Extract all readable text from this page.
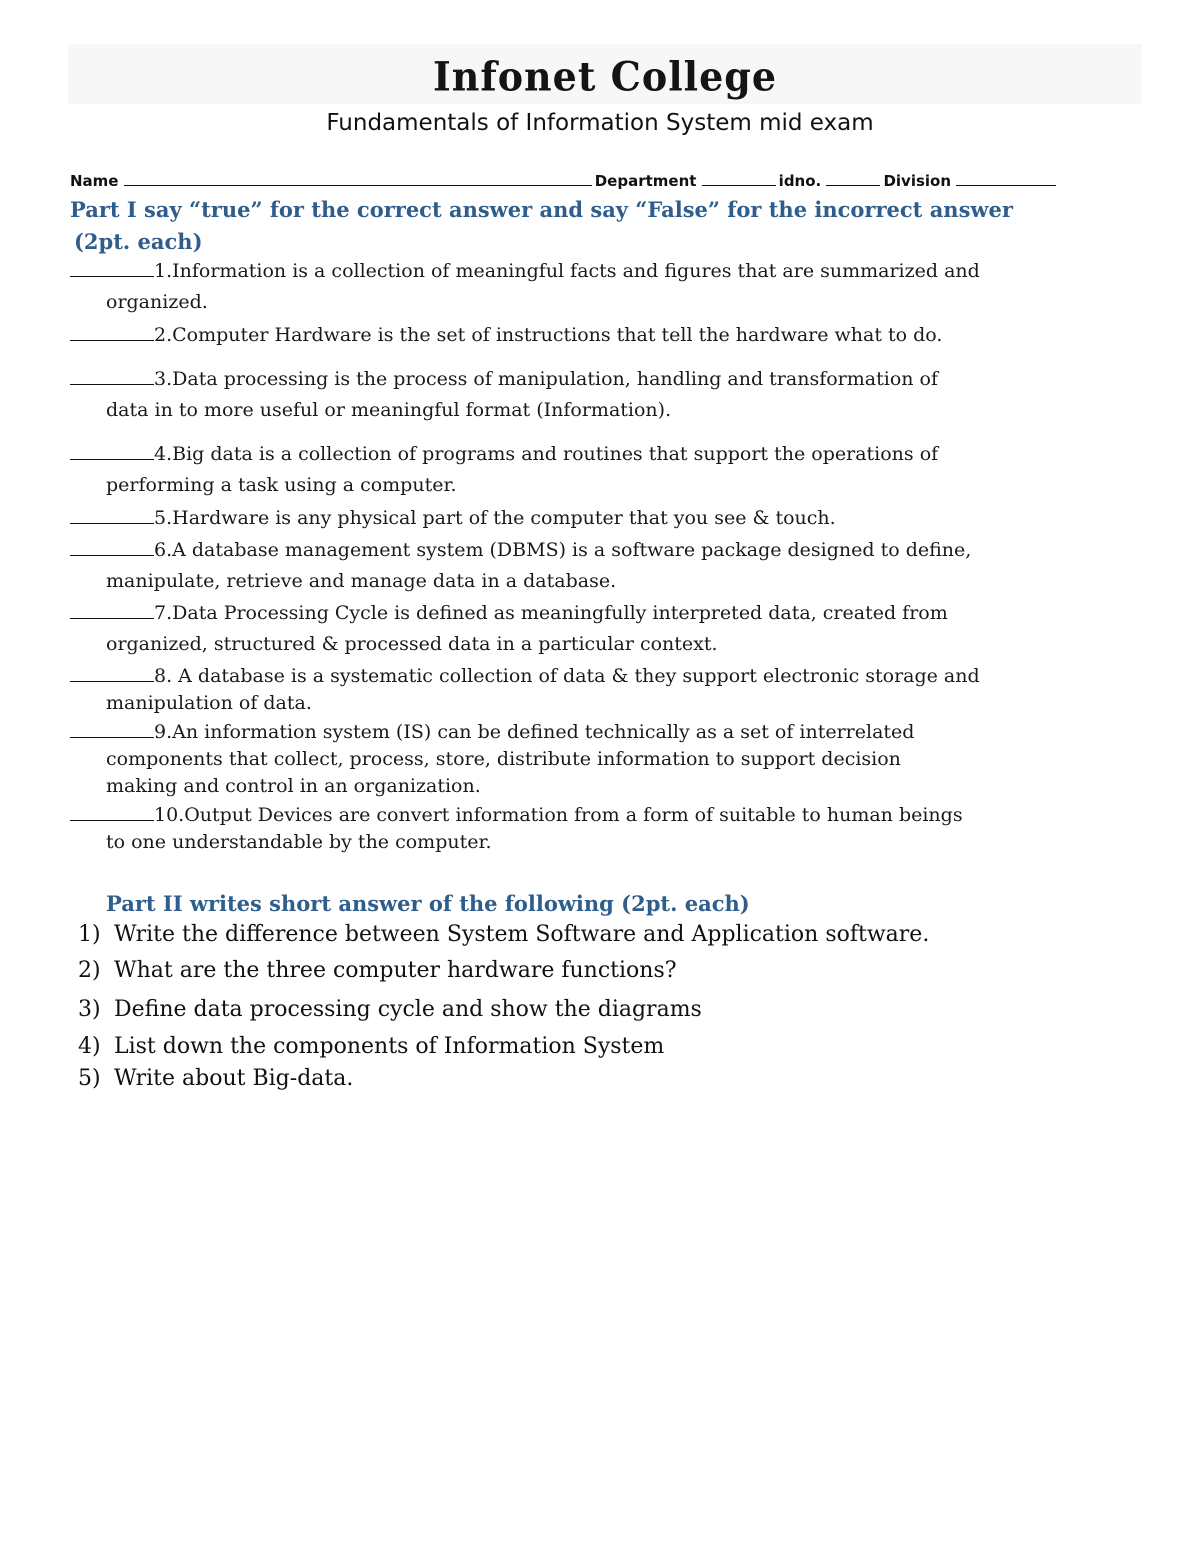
Infonet College
Fundamentals of Information System mid exam
Name	Department	idno.	Division
Part I say “true” for the correct answer and say “False” for the incorrect answer
(2pt. each)
1.Information is a collection of meaningful facts and figures that are summarized and
organized.
2.Computer Hardware is the set of instructions that tell the hardware what to do.
3.Data processing is the process of manipulation, handling and transformation of
data in to more useful or meaningful format (Information).
4.Big data is a collection of programs and routines that support the operations of
performing a task using a computer.
5.Hardware is any physical part of the computer that you see & touch.
6.A database management system (DBMS) is a software package designed to define,
manipulate, retrieve and manage data in a database.
7.Data Processing Cycle is defined as meaningfully interpreted data, created from
organized, structured & processed data in a particular context.
8. A database is a systematic collection of data & they support electronic storage and
manipulation of data.
9.An information system (IS) can be defined technically as a set of interrelated
components that collect, process, store, distribute information to support decision
making and control in an organization.
10.Output Devices are convert information from a form of suitable to human beings
to one understandable by the computer.
Part II writes short answer of the following (2pt. each)
1) Write the difference between System Software and Application software.
2) What are the three computer hardware functions?
3) Define data processing cycle and show the diagrams
4) List down the components of Information System
5) Write about Big-data.
